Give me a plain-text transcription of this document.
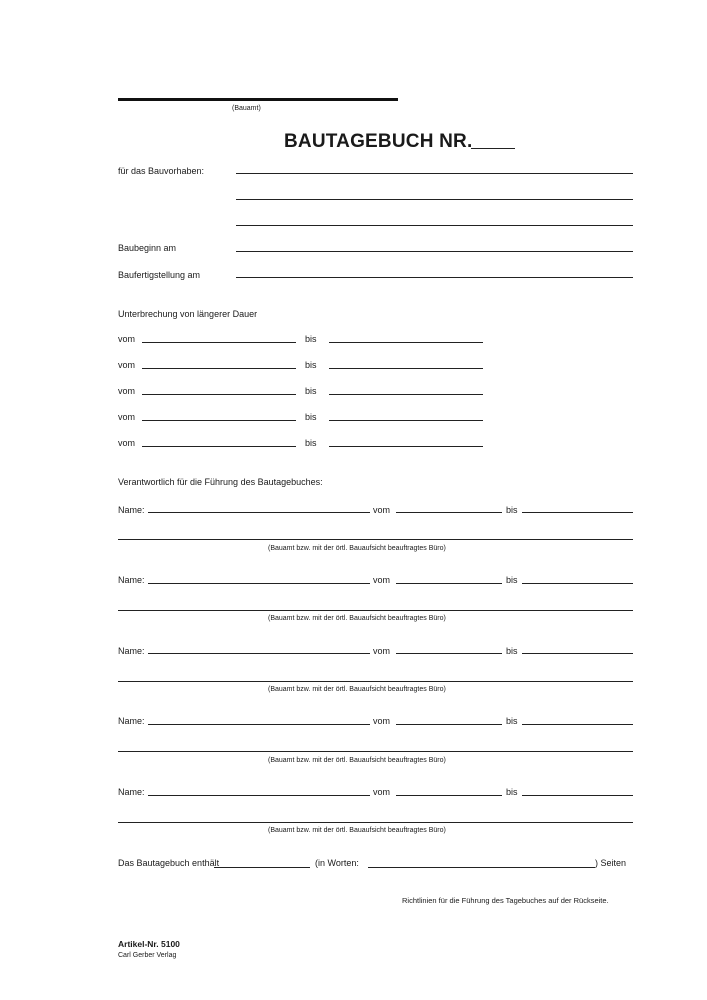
(Bauamt)
BAUTAGEBUCH NR.
für das Bauvorhaben:
Baubeginn am
Baufertigstellung am
Unterbrechung von längerer Dauer
vom	bis
vom	bis
vom	bis
vom	bis
vom	bis
Verantwortlich für die Führung des Bautagebuches:
Name:	vom	bis
(Bauamt bzw. mit der örtl. Bauaufsicht beauftragtes Büro)
Name:	vom	bis
(Bauamt bzw. mit der örtl. Bauaufsicht beauftragtes Büro)
Name:	vom	bis
(Bauamt bzw. mit der örtl. Bauaufsicht beauftragtes Büro)
Name:	vom	bis
(Bauamt bzw. mit der örtl. Bauaufsicht beauftragtes Büro)
Name:	vom	bis
(Bauamt bzw. mit der örtl. Bauaufsicht beauftragtes Büro)
Das Bautagebuch enthält	(in Worten:	) Seiten
Richtlinien für die Führung des Tagebuches auf der Rückseite.
Artikel-Nr. 5100
Carl Gerber Verlag
